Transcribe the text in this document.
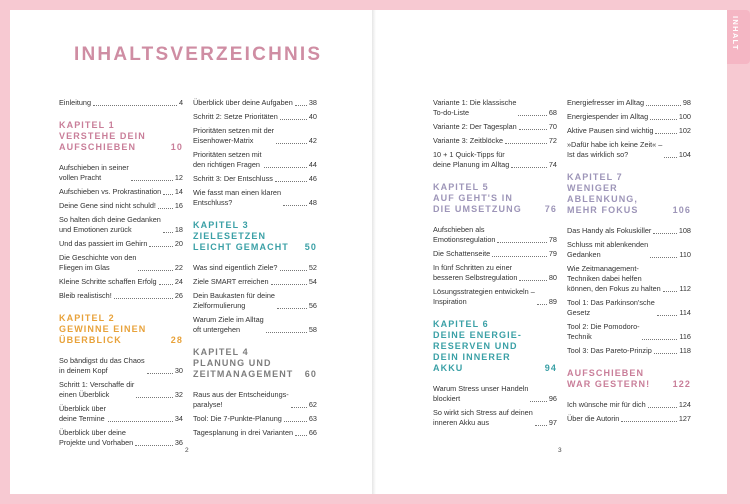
INHALT
INHALTSVERZEICHNIS
Einleitung	4
KAPITEL 1
VERSTEHE DEIN
AUFSCHIEBEN	10
Aufschieben in seiner
vollen Pracht	12
Aufschieben vs. Prokrastination 14
Deine Gene sind nicht schuld!	16
So halten dich deine Gedanken
und Emotionen zurück	18
Und das passiert im Gehirn	20
Die Geschichte von den
Fliegen im Glas	22
Kleine Schritte schaffen Erfolg	24
Bleib realistisch!	26
KAPITEL 2
GEWINNE EINEN
ÜBERBLICK	28
So bändigst du das Chaos
in deinem Kopf	30
Schritt 1: Verschaffe dir
einen Überblick	32
Überblick über
deine Termine	34
Überblick über deine
Projekte und Vorhaben	36
Überblick über deine Aufgaben 38
Schritt 2: Setze Prioritäten	40
Prioritäten setzen mit der
Eisenhower-Matrix	42
Prioritäten setzen mit
den richtigen Fragen	44
Schritt 3: Der Entschluss	46
Wie fasst man einen klaren
Entschluss?	48
KAPITEL 3
ZIELESETZEN
LEICHT GEMACHT 50
Was sind eigentlich Ziele?	52
Ziele SMART erreichen	54
Dein Baukasten für deine
Zielformulierung	56
Warum Ziele im Alltag
oft untergehen	58
KAPITEL 4
PLANUNG UND
ZEITMANAGEMENT 60
Raus aus der Entscheidungs-
paralyse!	62
Tool: Die 7-Punkte-Planung	63
Tagesplanung in drei Varianten 66
Variante 1: Die klassische
To-do-Liste	68
Variante 2: Der Tagesplan	70
Variante 3: Zeitblöcke	72
10 + 1 Quick-Tipps für
deine Planung im Alltag	74
KAPITEL 5
AUF GEHT'S IN
DIE UMSETZUNG	76
Aufschieben als
Emotionsregulation	78
Die Schattenseite	79
In fünf Schritten zu einer
besseren Selbstregulation	80
Lösungsstrategien entwickeln –
Inspiration	89
KAPITEL 6
DEINE ENERGIE-
RESERVEN UND
DEIN INNERER
AKKU	94
Warum Stress unser Handeln
blockiert	96
So wirkt sich Stress auf deinen
inneren Akku aus	97
Energiefresser im Alltag	98
Energiespender im Alltag	100
Aktive Pausen sind wichtig	102
»Dafür habe ich keine Zeit« –
Ist das wirklich so?	104
KAPITEL 7
WENIGER
ABLENKUNG,
MEHR FOKUS	106
Das Handy als Fokuskiller	108
Schluss mit ablenkenden
Gedanken	110
Wie Zeitmanagement-
Techniken dabei helfen
können, den Fokus zu halten	112
Tool 1: Das Parkinson'sche
Gesetz	114
Tool 2: Die Pomodoro-
Technik	116
Tool 3: Das Pareto-Prinzip	118
AUFSCHIEBEN
WAR GESTERN! 122
Ich wünsche mir für dich	124
Über die Autorin	127
2	3
